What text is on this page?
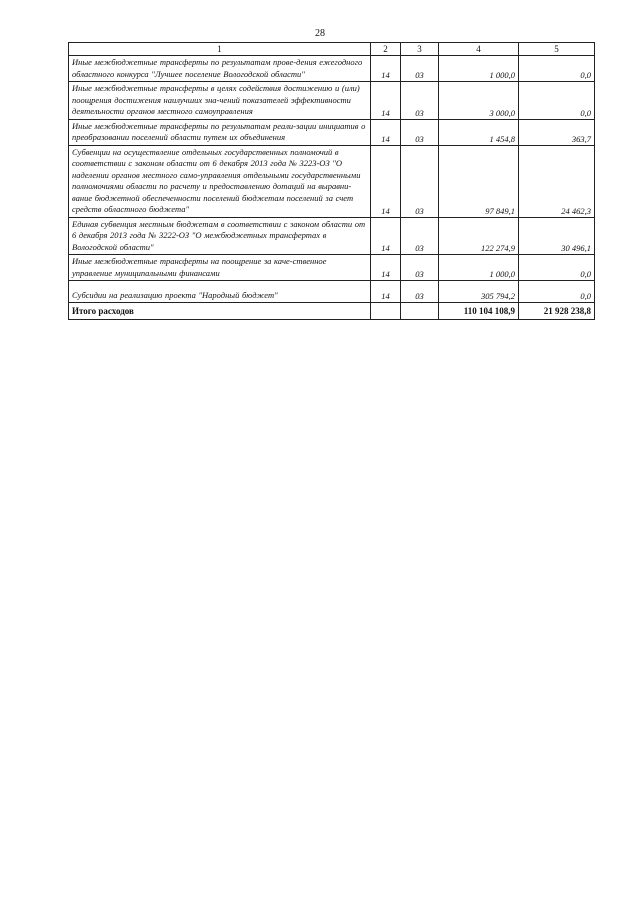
28
1	2	3	4	5
Иные межбюджетные трансферты по результатам прове-дения ежегодного областного конкурса "Лучшее поселение Вологодской области"	14	03	1 000,0	0,0
Иные межбюджетные трансферты в целях содействия достижению и (или) поощрения достижения наилучших зна-чений показателей эффективности деятельности органов местного самоуправления	14	03	3 000,0	0,0
Иные межбюджетные трансферты по результатам реали-зации инициатив о преобразовании поселений области путем их объединения	14	03	1 454,8	363,7
Субвенции на осуществление отдельных государственных полномочий в соответствии с законом области от 6 декабря 2013 года № 3223-ОЗ "О наделении органов местного само-управления отдельными государственными полномочиями области по расчету и предоставлению дотаций на выравни-вание бюджетной обеспеченности поселений бюджетам поселений за счет средств областного бюджета"	14	03	97 849,1	24 462,3
Единая субвенция местным бюджетам в соответствии с законом области от 6 декабря 2013 года № 3222-ОЗ "О межбюджетных трансфертах в Вологодской области"	14	03	122 274,9	30 496,1
Иные межбюджетные трансферты на поощрение за каче-ственное управление муниципальными финансами	14	03	1 000,0	0,0
Субсидии на реализацию проекта "Народный бюджет"	14	03	305 794,2	0,0
Итого расходов			110 104 108,9	21 928 238,8
